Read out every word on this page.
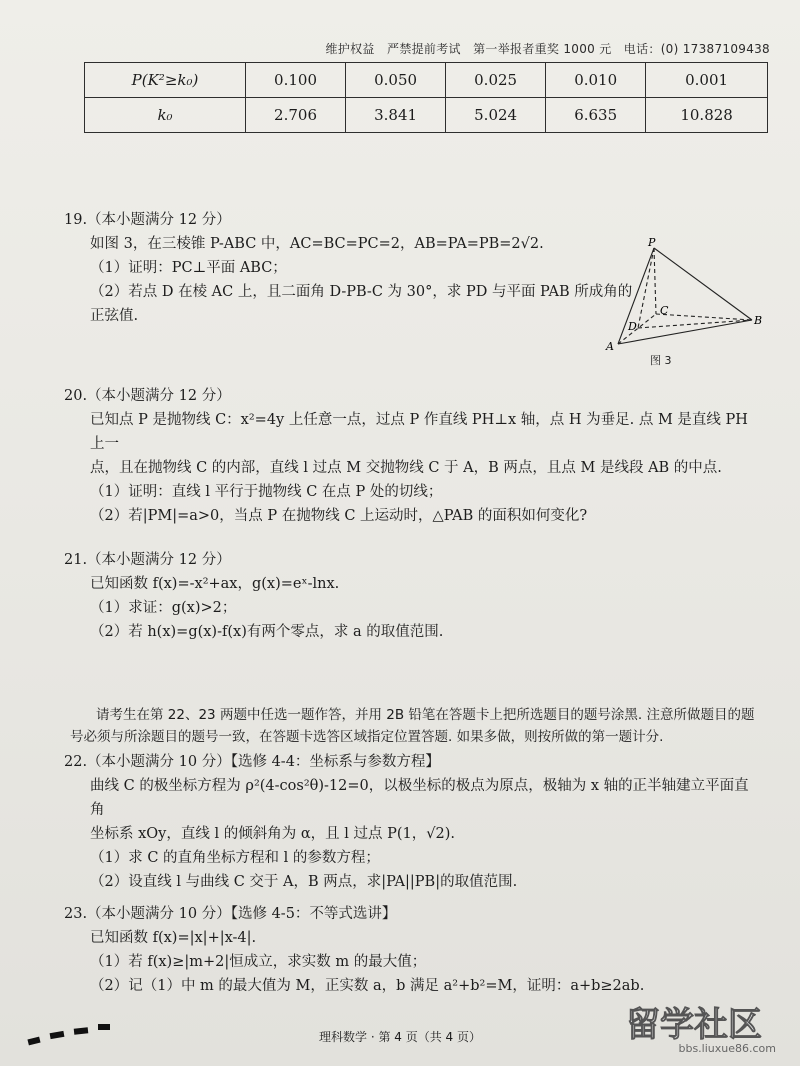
维护权益　严禁提前考试　第一举报者重奖 1000 元　电话：(0) 17387109438
P(K²≥k₀)	0.100	0.050	0.025	0.010	0.001
k₀	2.706	3.841	5.024	6.635	10.828

19.（本小题满分 12 分）

如图 3，在三棱锥 P-ABC 中，AC=BC=PC=2，AB=PA=PB=2√2.

（1）证明：PC⊥平面 ABC；

（2）若点 D 在棱 AC 上，且二面角 D-PB-C 为 30°，求 PD 与平面 PAB 所成角的

正弦值.

P
A
B
C
D
图 3

20.（本小题满分 12 分）

已知点 P 是抛物线 C：x²=4y 上任意一点，过点 P 作直线 PH⊥x 轴，点 H 为垂足. 点 M 是直线 PH 上一

点，且在抛物线 C 的内部，直线 l 过点 M 交抛物线 C 于 A，B 两点，且点 M 是线段 AB 的中点.

（1）证明：直线 l 平行于抛物线 C 在点 P 处的切线；

（2）若|PM|=a>0，当点 P 在抛物线 C 上运动时，△PAB 的面积如何变化?

21.（本小题满分 12 分）

已知函数 f(x)=-x²+ax，g(x)=eˣ-lnx.

（1）求证：g(x)>2；

（2）若 h(x)=g(x)-f(x)有两个零点，求 a 的取值范围.

请考生在第 22、23 两题中任选一题作答，并用 2B 铅笔在答题卡上把所选题目的题号涂黑. 注意所做题目的题号必须与所涂题目的题号一致，在答题卡选答区域指定位置答题. 如果多做，则按所做的第一题计分.

22.（本小题满分 10 分）【选修 4-4：坐标系与参数方程】

曲线 C 的极坐标方程为 ρ²(4-cos²θ)-12=0，以极坐标的极点为原点，极轴为 x 轴的正半轴建立平面直角

坐标系 xOy，直线 l 的倾斜角为 α，且 l 过点 P(1，√2).

（1）求 C 的直角坐标方程和 l 的参数方程；

（2）设直线 l 与曲线 C 交于 A，B 两点，求|PA||PB|的取值范围.

23.（本小题满分 10 分）【选修 4-5：不等式选讲】

已知函数 f(x)=|x|+|x-4|.

（1）若 f(x)≥|m+2|恒成立，求实数 m 的最大值；

（2）记（1）中 m 的最大值为 M，正实数 a，b 满足 a²+b²=M，证明：a+b≥2ab.

理科数学 · 第 4 页（共 4 页）	留学社区
bbs.liuxue86.com
